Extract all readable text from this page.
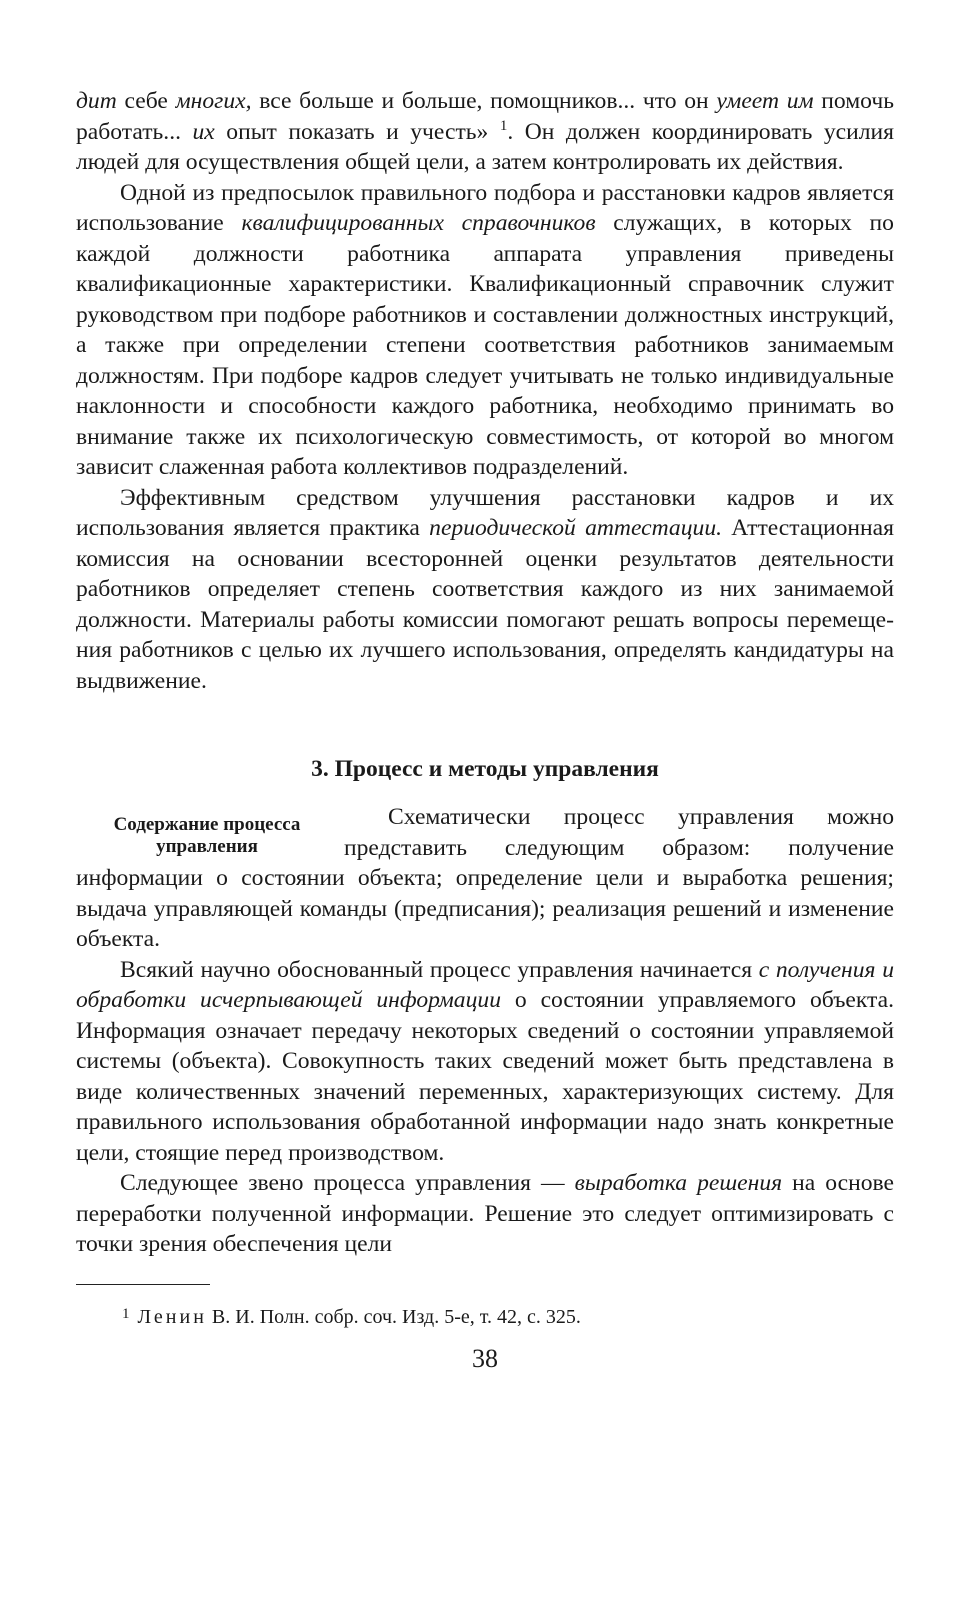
дит себе многих, все больше и больше, помощников... что он умеет им помочь работать... их опыт показать и учесть» $^1$. Он должен координировать усилия людей для осуществления общей цели, а затем контролировать их действия.

Одной из предпосылок правильного подбора и расстановки кадров является использование квалифицированных справочников служащих, в которых по каждой должности работника аппарата управления приведены квалификационные характеристики. Квалификационный справочник служит руководством при подборе работников и составлении должностных инструкций, а также при определении степени соответствия работников занимаемым должностям. При подборе кадров следует учитывать не только индивидуальные наклонности и способности каждого работника, необходимо принимать во внимание также их психологическую совместимость, от которой во многом зависит слаженная работа коллективов подразделений.

Эффективным средством улучшения расстановки кадров и их использования является практика периодической аттестации. Аттестационная комиссия на основании всесторонней оценки результатов деятельности работников определяет степень соответствия каждого из них занимаемой должности. Материалы работы комиссии помогают решать вопросы перемещения работников с целью их лучшего использования, определять кандидатуры на выдвижение.

3. Процесс и методы управления
Содержание процесса управления

Схематически процесс управления можно представить следующим образом: получение информации о состоянии объекта; определение цели и выработка решения; выдача управляющей команды (предписания); реализация решений и изменение объекта.

Всякий научно обоснованный процесс управления начинается с получения и обработки исчерпывающей информации о состоянии управляемого объекта. Информация означает передачу некоторых сведений о состоянии управляемой системы (объекта). Совокупность таких сведений может быть представлена в виде количественных значений переменных, характеризующих систему. Для правильного использования обработанной информации надо знать конкретные цели, стоящие перед производством.

Следующее звено процесса управления — выработка решения на основе переработки полученной информации. Решение это следует оптимизировать с точки зрения обеспечения цели

$^1$ Ленин В. И. Полн. собр. соч. Изд. 5-е, т. 42, с. 325.
38
